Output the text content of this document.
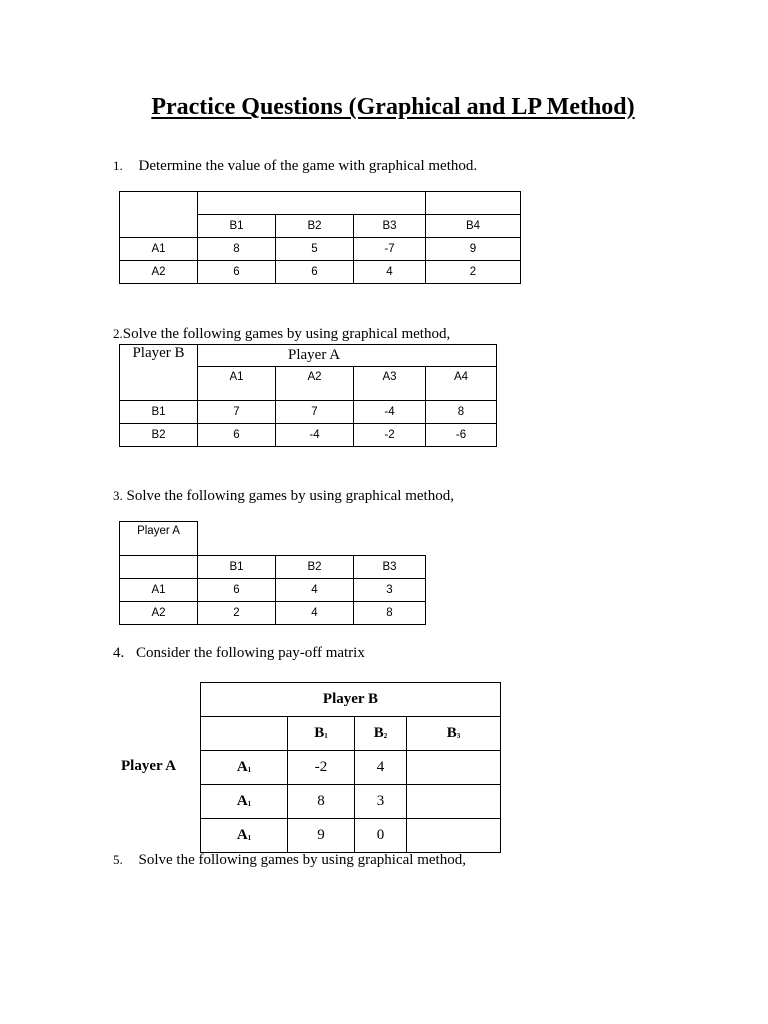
Practice Questions (Graphical and LP Method)
1. Determine the value of the game with graphical method.

	B1	B2	B3	B4
A1	8	5	-7	9
A2	6	6	4	2
2.Solve the following games by using graphical method,
Player B	Player A			
	A1	A2	A3	A4
B1	7	7	-4	8
B2	6	-4	-2	-6
3. Solve the following games by using graphical method,
Player A			
	B1	B2	B3
A1	6	4	3
A2	2	4	8
4. Consider the following pay-off matrix
Player A
Player B			
	$B_1$	$B_2$	$B_3$
$A_1$	-2	4	
$A_1$	8	3	
$A_1$	9	0	
5. Solve the following games by using graphical method,
